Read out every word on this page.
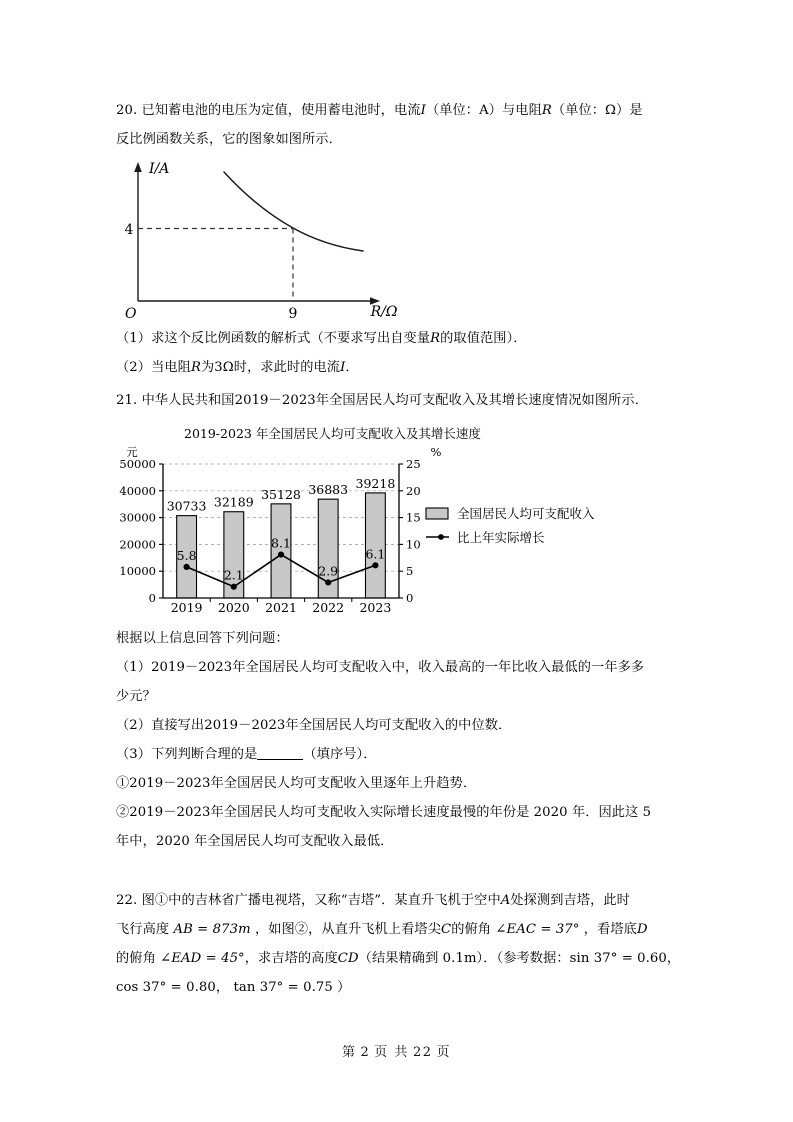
20. 已知蓄电池的电压为定值，使用蓄电池时，电流I（单位：A）与电阻R（单位：Ω）是
反比例函数关系，它的图象如图所示．
（1）求这个反比例函数的解析式（不要求写出自变量R的取值范围）．
（2）当电阻R为3Ω时，求此时的电流I．
21. 中华人民共和国2019－2023年全国居民人均可支配收入及其增长速度情况如图所示．
根据以上信息回答下列问题：
（1）2019－2023年全国居民人均可支配收入中，收入最高的一年比收入最低的一年多多
少元？
（2）直接写出2019－2023年全国居民人均可支配收入的中位数．
（3）下列判断合理的是	（填序号）．
①2019－2023年全国居民人均可支配收入里逐年上升趋势．
②2019－2023年全国居民人均可支配收入实际增长速度最慢的年份是 2020 年．因此这 5
年中，2020 年全国居民人均可支配收入最低．
22. 图①中的吉林省广播电视塔，又称“吉塔”．某直升飞机于空中A处探测到吉塔，此时
飞行高度 AB = 873m ，如图②，从直升飞机上看塔尖C的俯角 ∠EAC = 37° ，看塔底D
的俯角 ∠EAD = 45°，求吉塔的高度CD（结果精确到 0.1m）．（参考数据：sin 37° = 0.60，
cos 37° = 0.80， tan 37° = 0.75 ）
I/A
R/Ω
O
4
9
2019-2023 年全国居民人均可支配收入及其增长速度
元	%
30733 32189
35128 36883 39218
5.8
2.1
8.1
2.9
6.1
0
10000
20000
30000
40000
50000
0
5
10
15
20
25
2019 2020 2021 2022 2023
全国居民人均可支配收入
比上年实际增长
第 2 页 共 22 页
